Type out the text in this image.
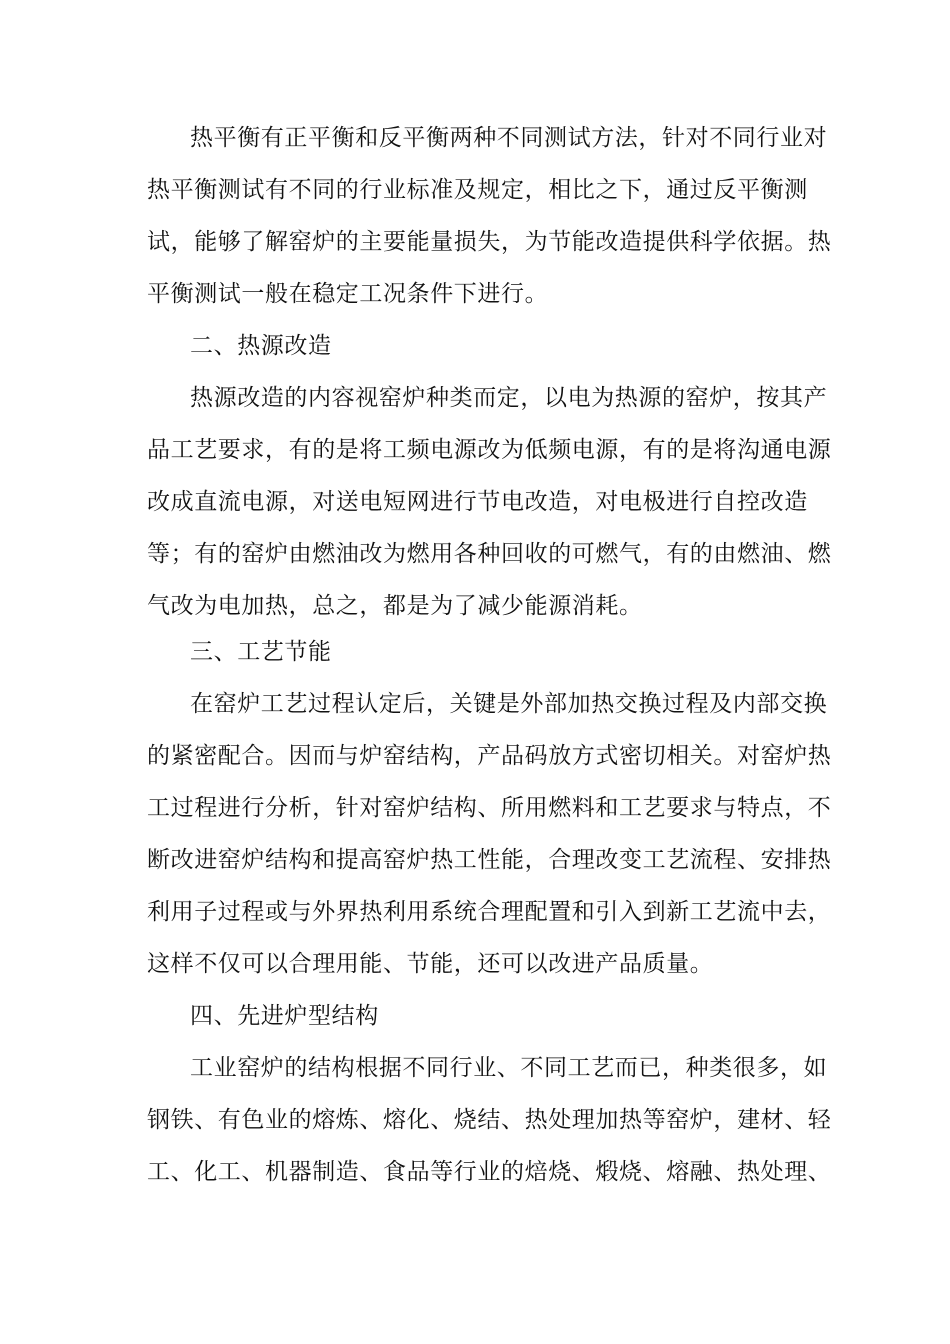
热平衡有正平衡和反平衡两种不同测试方法，针对不同行业对
热平衡测试有不同的行业标准及规定，相比之下，通过反平衡测
试，能够了解窑炉的主要能量损失，为节能改造提供科学依据。热
平衡测试一般在稳定工况条件下进行。
二、热源改造
热源改造的内容视窑炉种类而定，以电为热源的窑炉，按其产
品工艺要求，有的是将工频电源改为低频电源，有的是将沟通电源
改成直流电源，对送电短网进行节电改造，对电极进行自控改造
等；有的窑炉由燃油改为燃用各种回收的可燃气，有的由燃油、燃
气改为电加热，总之，都是为了减少能源消耗。
三、工艺节能
在窑炉工艺过程认定后，关键是外部加热交换过程及内部交换
的紧密配合。因而与炉窑结构，产品码放方式密切相关。对窑炉热
工过程进行分析，针对窑炉结构、所用燃料和工艺要求与特点，不
断改进窑炉结构和提高窑炉热工性能，合理改变工艺流程、安排热
利用子过程或与外界热利用系统合理配置和引入到新工艺流中去，
这样不仅可以合理用能、节能，还可以改进产品质量。
四、先进炉型结构
工业窑炉的结构根据不同行业、不同工艺而已，种类很多，如
钢铁、有色业的熔炼、熔化、烧结、热处理加热等窑炉，建材、轻
工、化工、机器制造、食品等行业的焙烧、煅烧、熔融、热处理、
